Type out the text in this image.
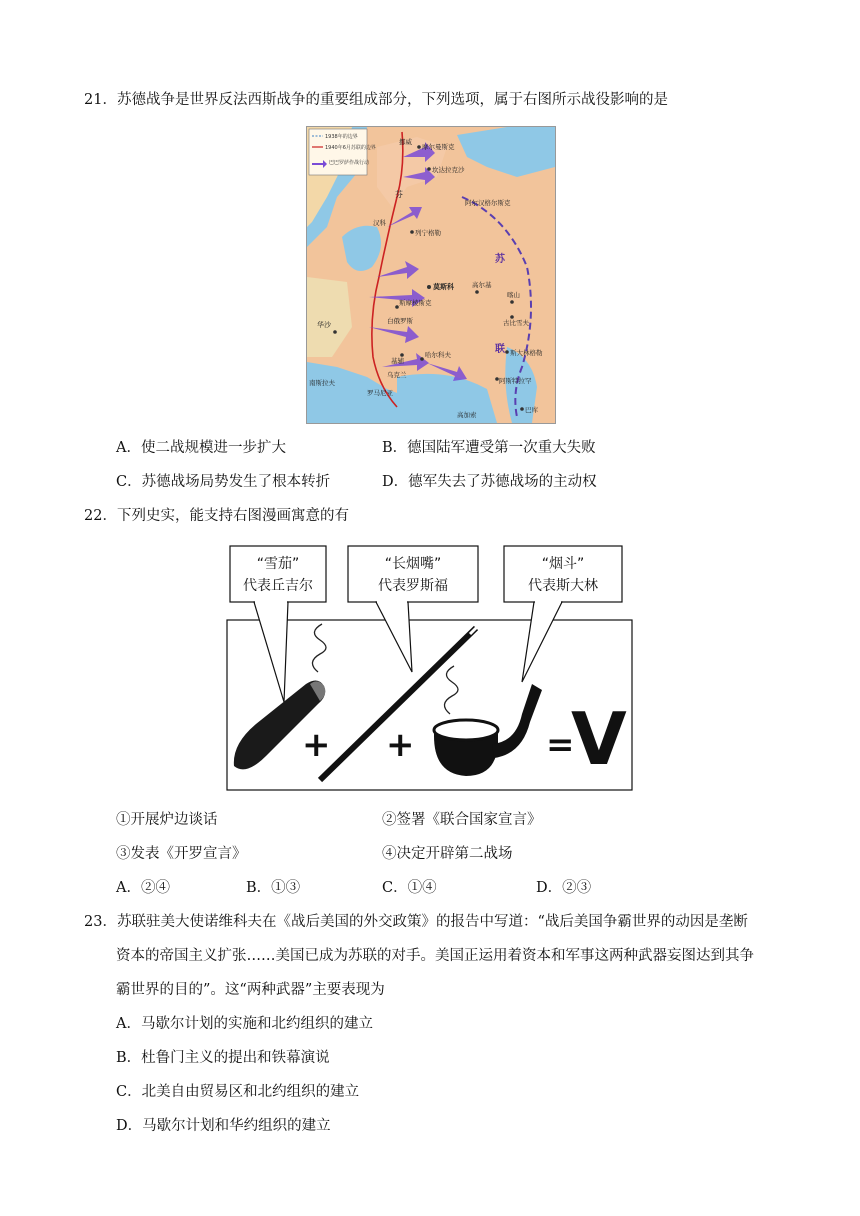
21．苏德战争是世界反法西斯战争的重要组成部分，下列选项，属于右图所示战役影响的是
1938年的边界
1940年6月苏联的边界
巴巴罗萨作战行动
挪威
摩尔曼斯克
坎达拉克沙
阿尔汉格尔斯克
芬
汉科
列宁格勒
莫斯科
斯摩棱斯克
高尔基
喀山
古比雪夫
白俄罗斯
华沙
基辅
哈尔科夫
乌克兰
斯大林格勒
阿斯特拉罕
罗马尼亚
南斯拉夫
巴库
高加索
苏
联
A．使二战规模进一步扩大	B．德国陆军遭受第一次重大失败
C．苏德战场局势发生了根本转折	D．德军失去了苏德战场的主动权
22．下列史实，能支持右图漫画寓意的有
“雪茄”
代表丘吉尔
“长烟嘴”
代表罗斯福
“烟斗”
代表斯大林
+ +	=
V
①开展炉边谈话	②签署《联合国家宣言》
③发表《开罗宣言》	④决定开辟第二战场
A．②④	B．①③	C．①④	D．②③
23．苏联驻美大使诺维科夫在《战后美国的外交政策》的报告中写道：“战后美国争霸世界的动因是垄断
资本的帝国主义扩张……美国已成为苏联的对手。美国正运用着资本和军事这两种武器妄图达到其争
霸世界的目的”。这“两种武器”主要表现为
A．马歇尔计划的实施和北约组织的建立
B．杜鲁门主义的提出和铁幕演说
C．北美自由贸易区和北约组织的建立
D．马歇尔计划和华约组织的建立
